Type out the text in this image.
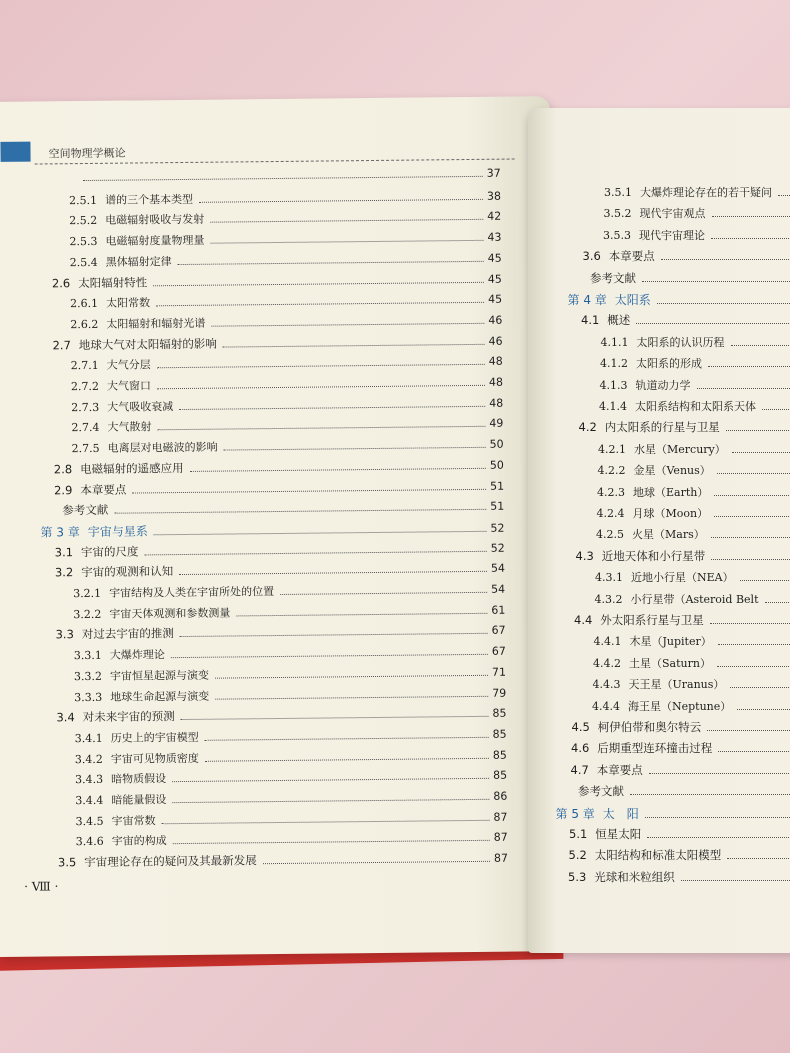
空间物理学概论
37
2.5.1 谱的三个基本类型	38
2.5.2 电磁辐射吸收与发射	42
2.5.3 电磁辐射度量物理量	43
2.5.4 黑体辐射定律	45
2.6 太阳辐射特性	45
2.6.1 太阳常数	45
2.6.2 太阳辐射和辐射光谱	46
2.7 地球大气对太阳辐射的影响	46
2.7.1 大气分层	48
2.7.2 大气窗口	48
2.7.3 大气吸收衰减	48
2.7.4 大气散射	49
2.7.5 电离层对电磁波的影响	50
2.8 电磁辐射的遥感应用	50
2.9 本章要点	51
参考文献	51
第 3 章 宇宙与星系	52
3.1 宇宙的尺度	52
3.2 宇宙的观测和认知	54
3.2.1 宇宙结构及人类在宇宙所处的位置	54
3.2.2 宇宙天体观测和参数测量	61
3.3 对过去宇宙的推测	67
3.3.1 大爆炸理论	67
3.3.2 宇宙恒星起源与演变	71
3.3.3 地球生命起源与演变	79
3.4 对未来宇宙的预测	85
3.4.1 历史上的宇宙模型	85
3.4.2 宇宙可见物质密度	85
3.4.3 暗物质假设	85
3.4.4 暗能量假设	86
3.4.5 宇宙常数	87
3.4.6 宇宙的构成	87
3.5 宇宙理论存在的疑问及其最新发展	87
· Ⅷ ·
3.5.1 大爆炸理论存在的若干疑问
3.5.2 现代宇宙观点
3.5.3 现代宇宙理论
3.6 本章要点
参考文献
第 4 章 太阳系
4.1 概述
4.1.1 太阳系的认识历程
4.1.2 太阳系的形成
4.1.3 轨道动力学
4.1.4 太阳系结构和太阳系天体
4.2 内太阳系的行星与卫星
4.2.1 水星（Mercury）
4.2.2 金星（Venus）
4.2.3 地球（Earth）
4.2.4 月球（Moon）
4.2.5 火星（Mars）
4.3 近地天体和小行星带
4.3.1 近地小行星（NEA）
4.3.2 小行星带（Asteroid Belt
4.4 外太阳系行星与卫星
4.4.1 木星（Jupiter）
4.4.2 土星（Saturn）
4.4.3 天王星（Uranus）
4.4.4 海王星（Neptune）
4.5 柯伊伯带和奥尔特云
4.6 后期重型连环撞击过程
4.7 本章要点
参考文献
第 5 章 太　阳
5.1 恒星太阳
5.2 太阳结构和标准太阳模型
5.3 光球和米粒组织
